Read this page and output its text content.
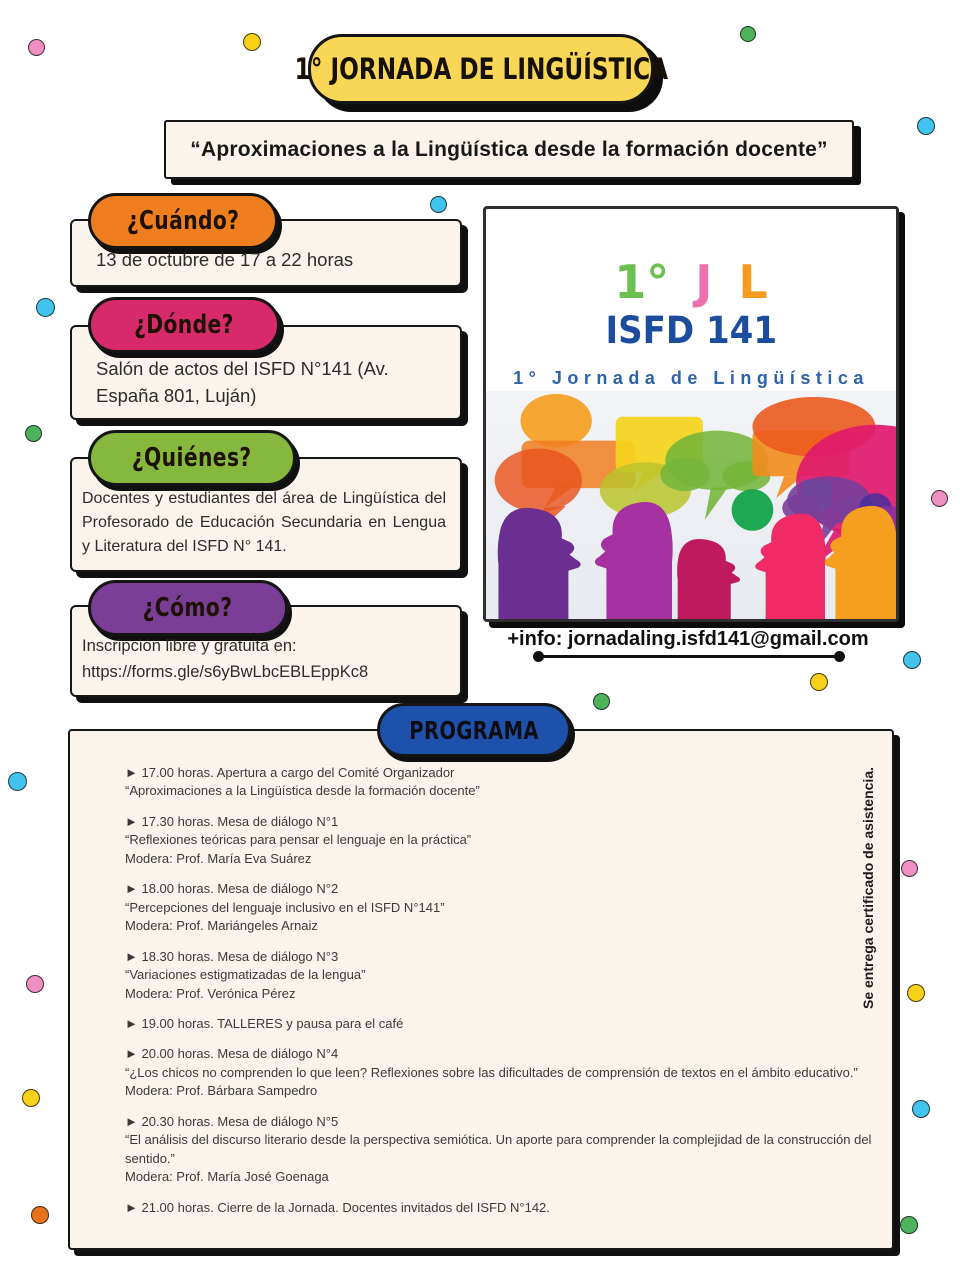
1° JORNADA DE LINGÜÍSTICA
“Aproximaciones a la Lingüística desde la formación docente”
¿Cuándo?
13 de octubre de 17 a 22 horas
¿Dónde?
Salón de actos del ISFD N°141 (Av. España 801, Luján)
¿Quiénes?
Docentes y estudiantes del área de Lingüística del Profesorado de Educación Secundaria en Lengua y Literatura del ISFD N° 141.
¿Cómo?
Inscripción libre y gratuita en:
https://forms.gle/s6yBwLbcEBLEppKc8
1° J L
ISFD 141
1° Jornada de Lingüística
+info: jornadaling.isfd141@gmail.com
► 17.00 horas. Apertura a cargo del Comité Organizador
“Aproximaciones a la Lingüística desde la formación docente”
► 17.30 horas. Mesa de diálogo N°1
“Reflexiones teóricas para pensar el lenguaje en la práctica”
Modera: Prof. María Eva Suárez
► 18.00 horas. Mesa de diálogo N°2
“Percepciones del lenguaje inclusivo en el ISFD N°141”
Modera: Prof. Mariángeles Arnaiz
► 18.30 horas. Mesa de diálogo N°3
“Variaciones estigmatizadas de la lengua”
Modera: Prof. Verónica Pérez
► 19.00 horas. TALLERES y pausa para el café
► 20.00 horas. Mesa de diálogo N°4
“¿Los chicos no comprenden lo que leen? Reflexiones sobre las dificultades de comprensión de textos en el ámbito educativo.”
Modera: Prof. Bárbara Sampedro
► 20.30 horas. Mesa de diálogo N°5
“El análisis del discurso literario desde la perspectiva semiótica. Un aporte para comprender la complejidad de la construcción del sentido.”
Modera: Prof. María José Goenaga
► 21.00 horas. Cierre de la Jornada. Docentes invitados del ISFD N°142.
Se entrega certificado de asistencia.
PROGRAMA
